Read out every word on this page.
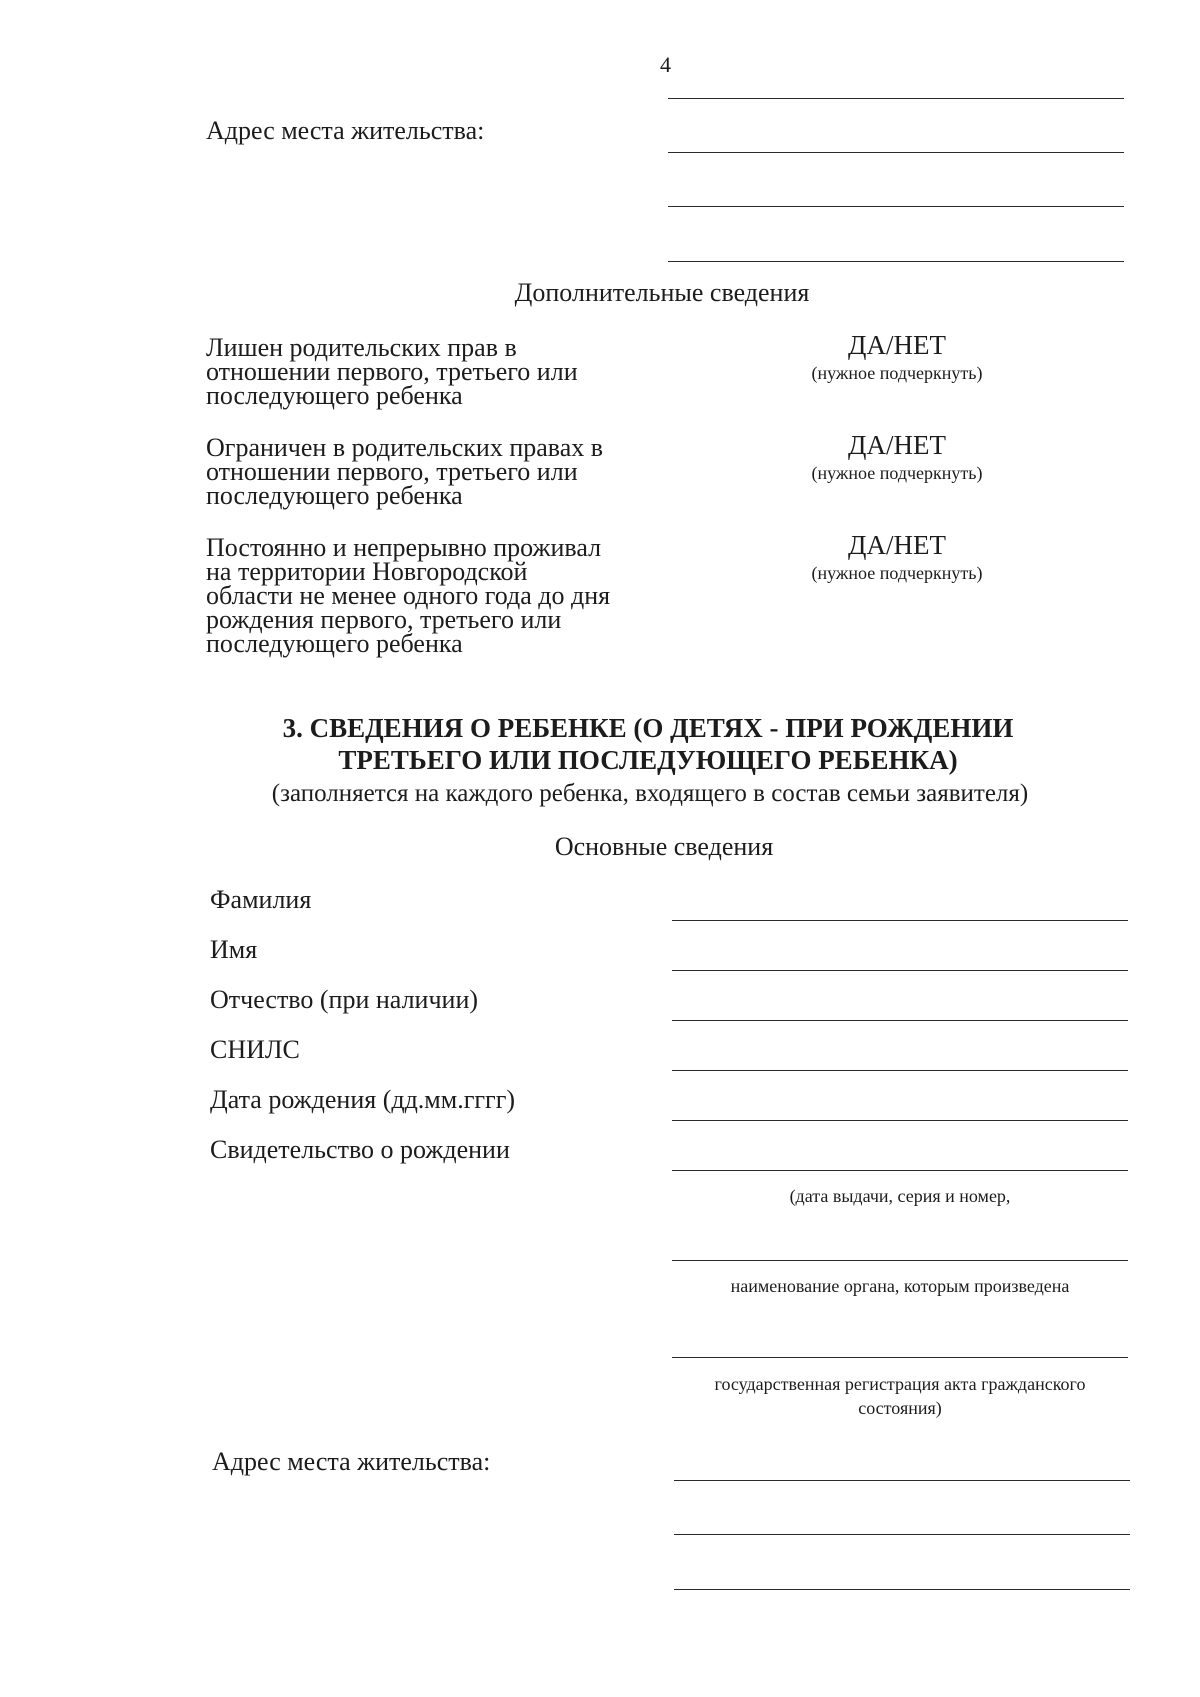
4
Адрес места жительства:
Дополнительные сведения
Лишен родительских прав в
отношении первого, третьего или
последующего ребенка
ДА/НЕТ
(нужное подчеркнуть)
Ограничен в родительских правах в
отношении первого, третьего или
последующего ребенка
ДА/НЕТ
(нужное подчеркнуть)
Постоянно и непрерывно проживал
на территории Новгородской
области не менее одного года до дня
рождения первого, третьего или
последующего ребенка
ДА/НЕТ
(нужное подчеркнуть)
3. СВЕДЕНИЯ О РЕБЕНКЕ (О ДЕТЯХ - ПРИ РОЖДЕНИИ
ТРЕТЬЕГО ИЛИ ПОСЛЕДУЮЩЕГО РЕБЕНКА)
(заполняется на каждого ребенка, входящего в состав семьи заявителя)
Основные сведения
Фамилия
Имя
Отчество (при наличии)
СНИЛС
Дата рождения (дд.мм.гггг)
Свидетельство о рождении
(дата выдачи, серия и номер,
наименование органа, которым произведена
государственная регистрация акта гражданского
состояния)
Адрес места жительства:
